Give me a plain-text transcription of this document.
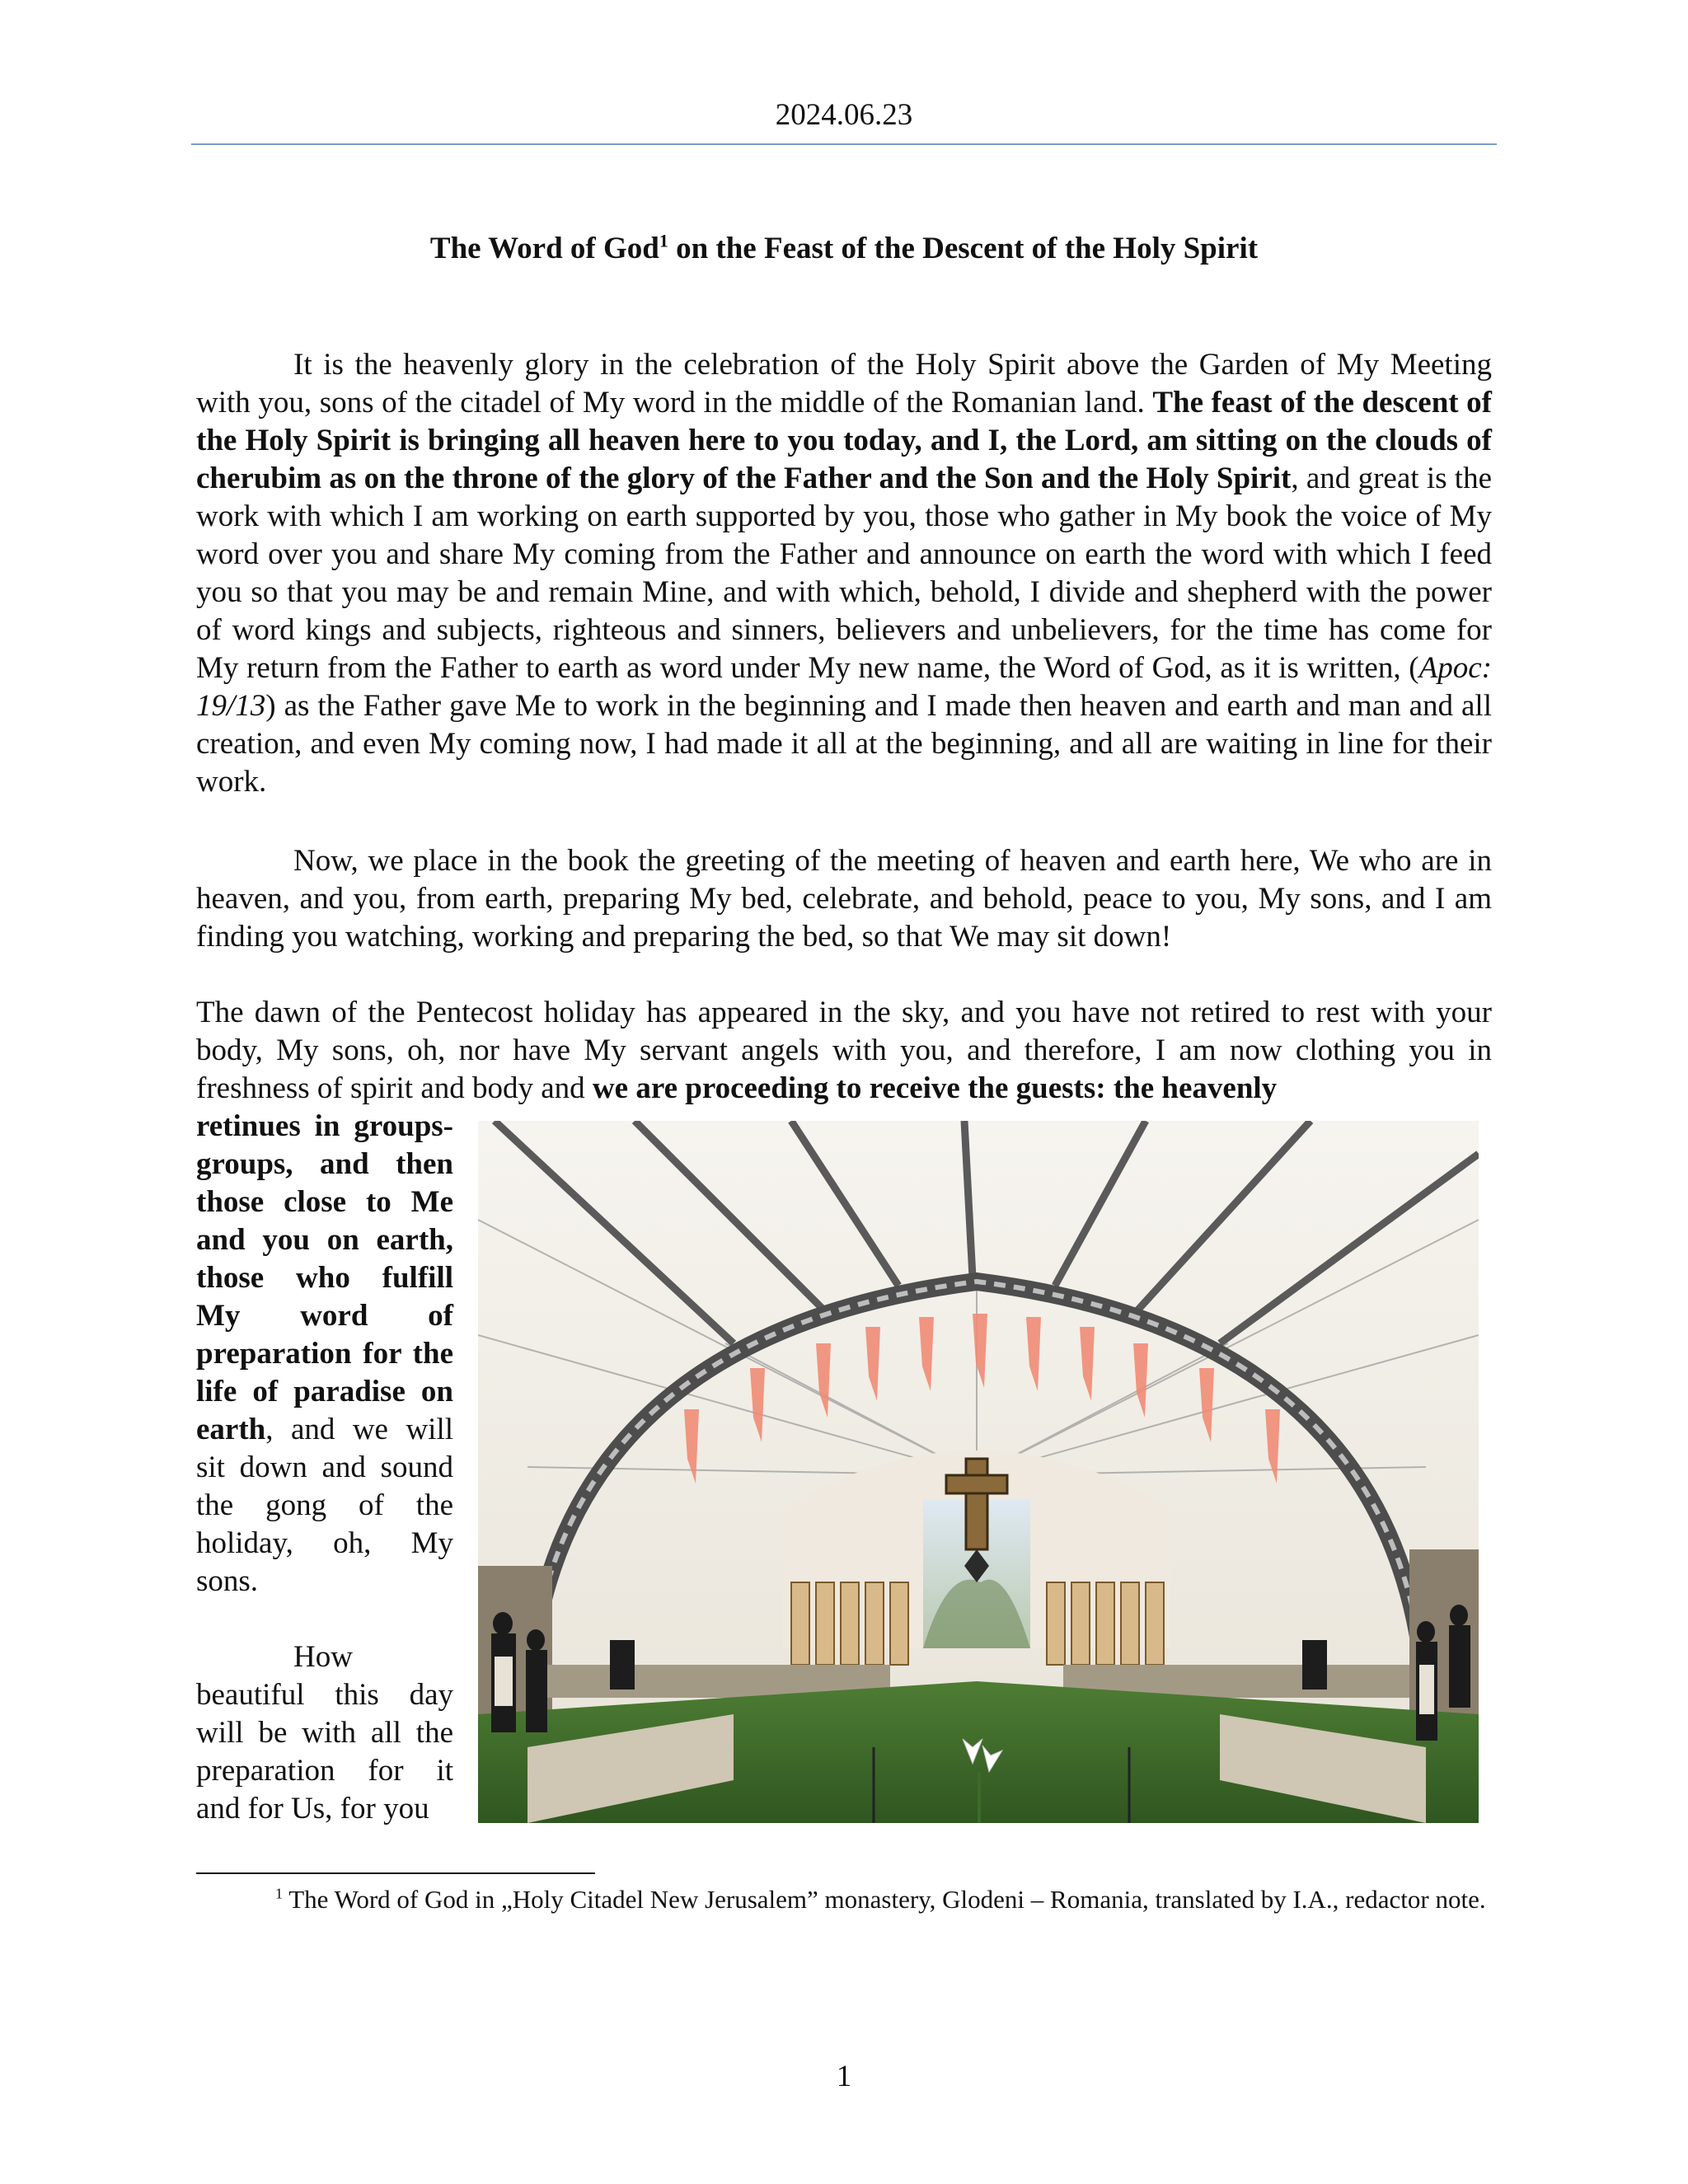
2024.06.23
The Word of God$^1$ on the Feast of the Descent of the Holy Spirit

It is the heavenly glory in the celebration of the Holy Spirit above the Garden of My Meeting with you, sons of the citadel of My word in the middle of the Romanian land. The feast of the descent of the Holy Spirit is bringing all heaven here to you today, and I, the Lord, am sitting on the clouds of cherubim as on the throne of the glory of the Father and the Son and the Holy Spirit, and great is the work with which I am working on earth supported by you, those who gather in My book the voice of My word over you and share My coming from the Father and announce on earth the word with which I feed you so that you may be and remain Mine, and with which, behold, I divide and shepherd with the power of word kings and subjects, righteous and sinners, believers and unbelievers, for the time has come for My return from the Father to earth as word under My new name, the Word of God, as it is written, (Apoc: 19/13) as the Father gave Me to work in the beginning and I made then heaven and earth and man and all creation, and even My coming now, I had made it all at the beginning, and all are waiting in line for their work.

Now, we place in the book the greeting of the meeting of heaven and earth here, We who are in heaven, and you, from earth, preparing My bed, celebrate, and behold, peace to you, My sons, and I am finding you watching, working and preparing the bed, so that We may sit down!

The dawn of the Pentecost holiday has appeared in the sky, and you have not retired to rest with your body, My sons, oh, nor have My servant angels with you, and therefore, I am now clothing you in freshness of spirit and body and we are proceeding to receive the guests: the heavenly

retinues in groups-groups, and then those close to Me and you on earth, those who fulfill My word of preparation for the life of paradise on earth, and we will sit down and sound the gong of the holiday, oh, My sons.

How beautiful this day will be with all the preparation for it and for Us, for you

$^1$ The Word of God in „Holy Citadel New Jerusalem” monastery, Glodeni – Romania, translated by I.A., redactor note.
1
